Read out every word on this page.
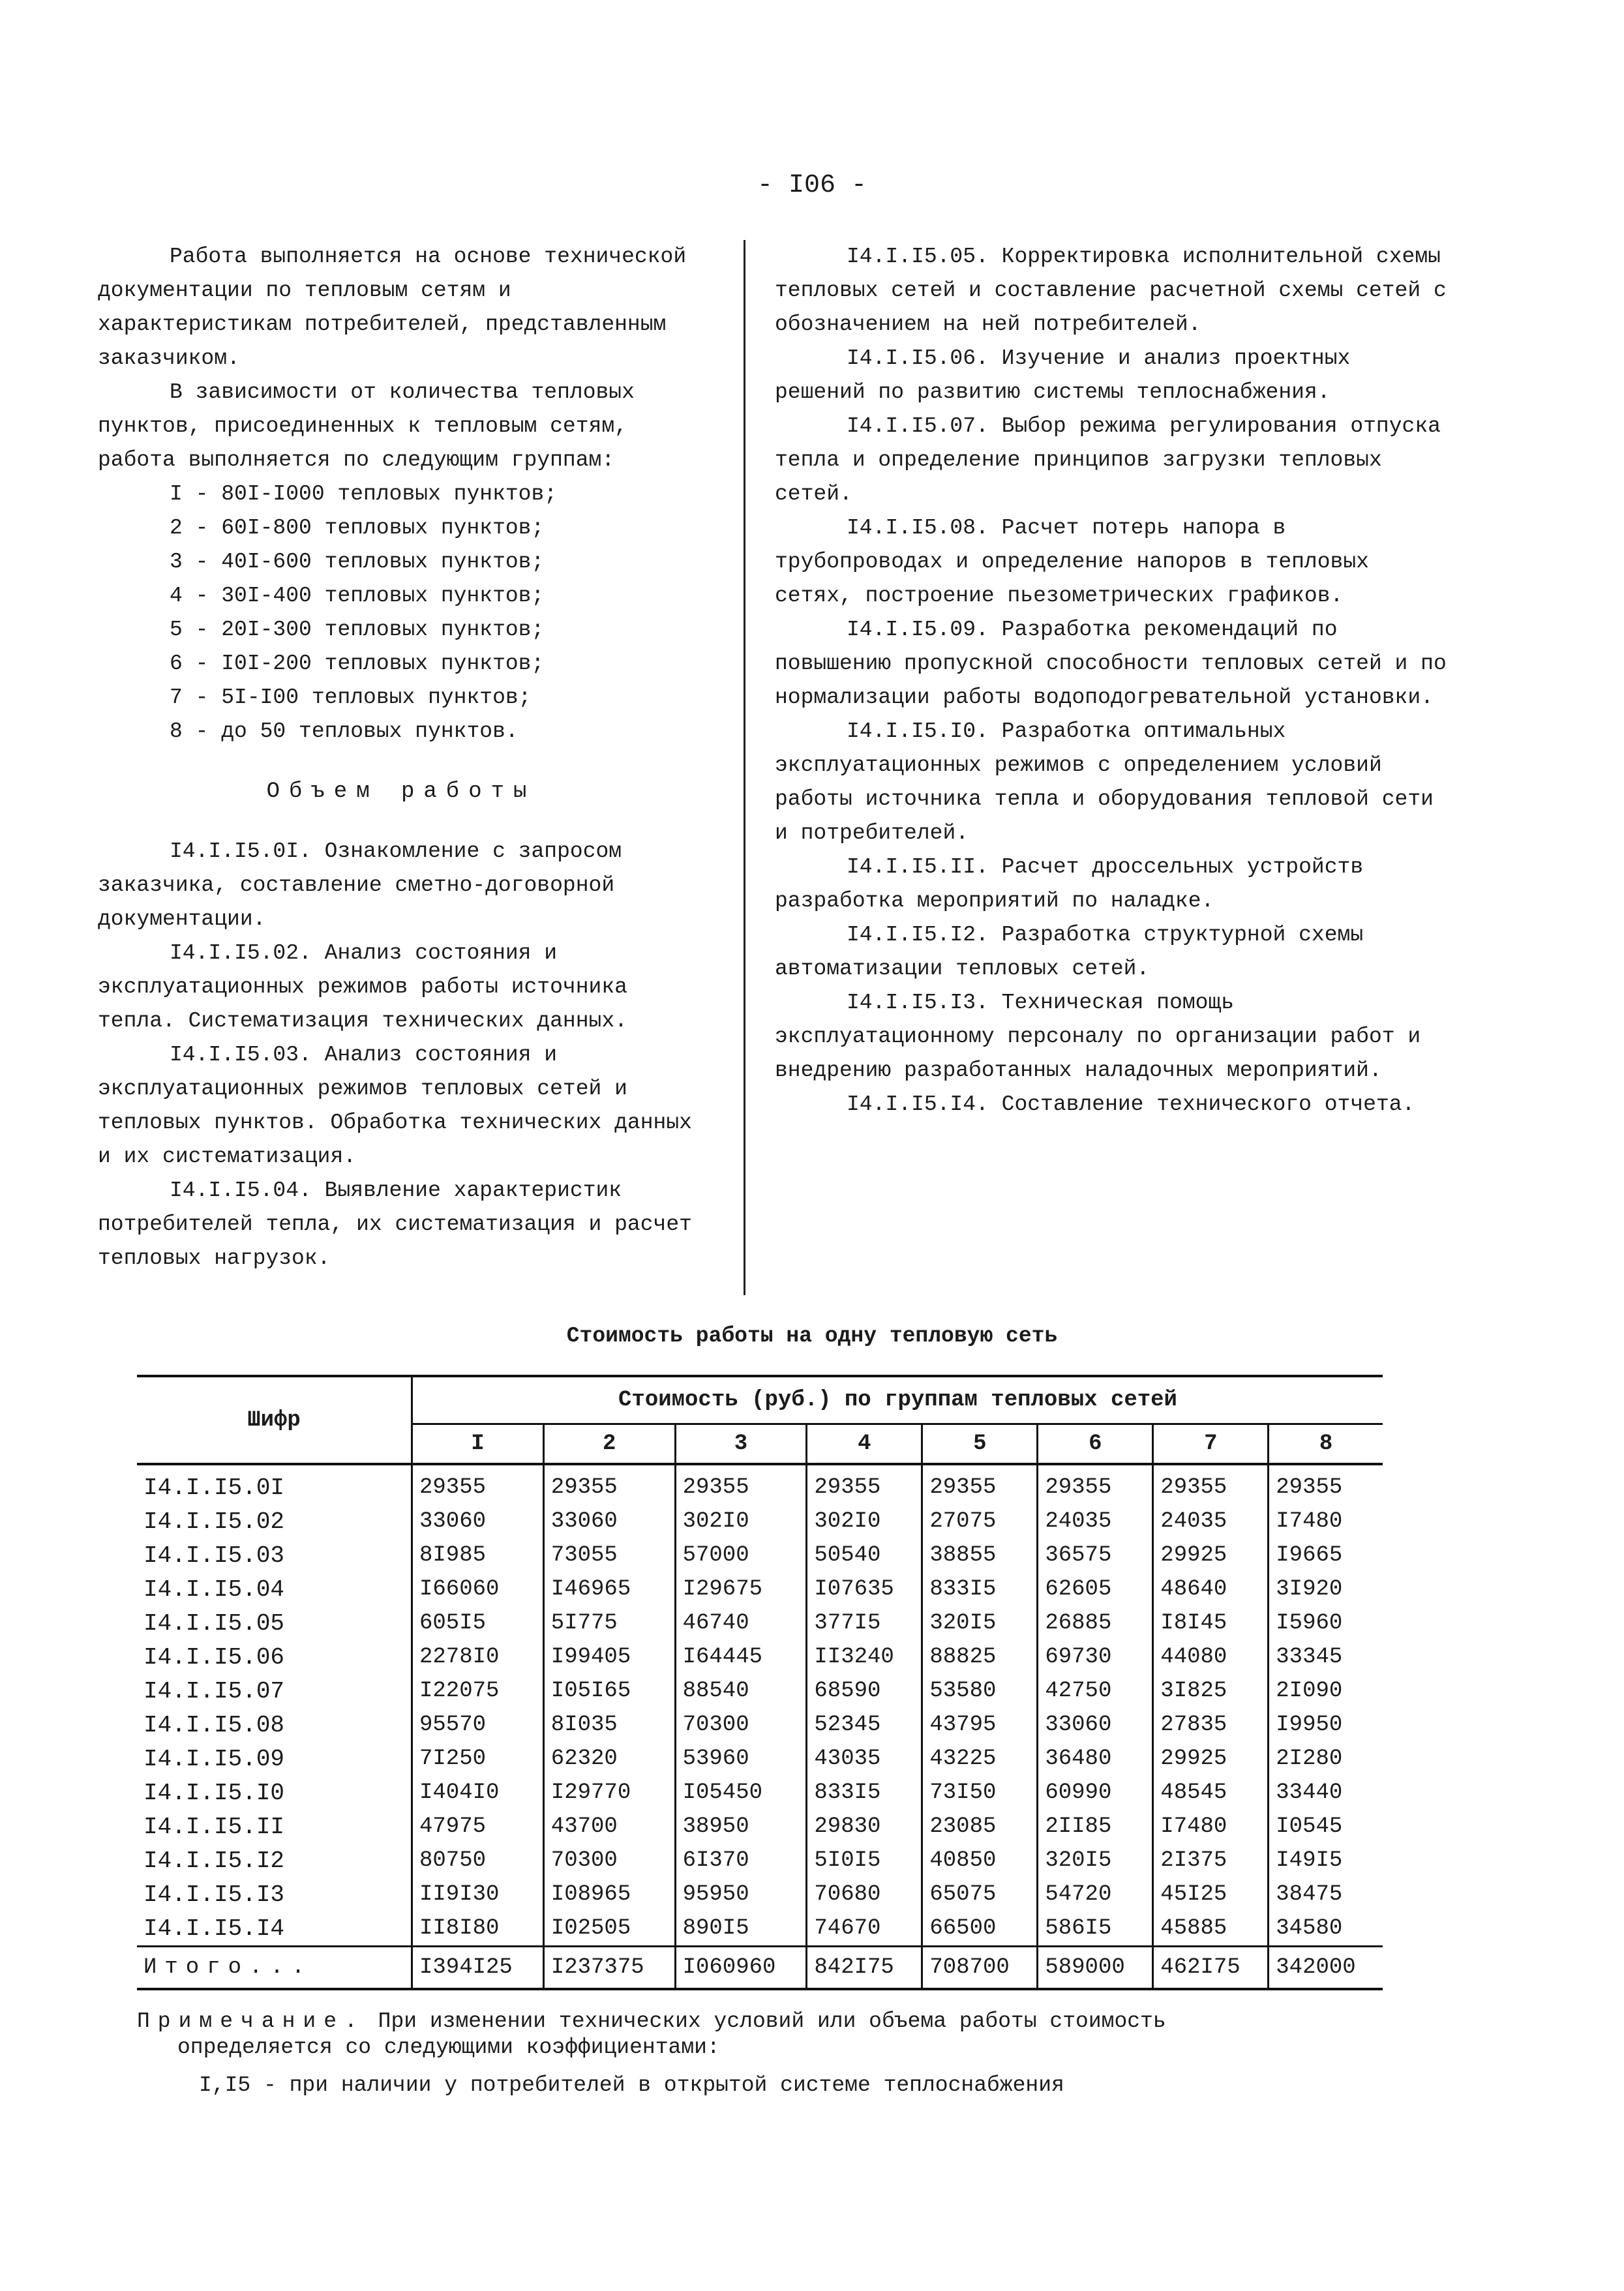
- I06 -

Работа выполняется на основе технической документации по тепловым сетям и характеристикам потребителей, представленным заказчиком.

В зависимости от количества тепловых пунктов, присоединенных к тепловым сетям, работа выполняется по следующим группам:

I - 80I-I000 тепловых пунктов;
2 - 60I-800 тепловых пунктов;
3 - 40I-600 тепловых пунктов;
4 - 30I-400 тепловых пунктов;
5 - 20I-300 тепловых пунктов;
6 - I0I-200 тепловых пунктов;
7 - 5I-I00 тепловых пунктов;
8 - до 50 тепловых пунктов.

Объем работы

I4.I.I5.0I. Ознакомление с запросом заказчика, составление сметно-договорной документации.

I4.I.I5.02. Анализ состояния и эксплуатационных режимов работы источника тепла. Систематизация технических данных.

I4.I.I5.03. Анализ состояния и эксплуатационных режимов тепловых сетей и тепловых пунктов. Обработка технических данных и их систематизация.

I4.I.I5.04. Выявление характеристик потребителей тепла, их систематизация и расчет тепловых нагрузок.

I4.I.I5.05. Корректировка исполнительной схемы тепловых сетей и составление расчетной схемы сетей с обозначением на ней потребителей.

I4.I.I5.06. Изучение и анализ проектных решений по развитию системы теплоснабжения.

I4.I.I5.07. Выбор режима регулирования отпуска тепла и определение принципов загрузки тепловых сетей.

I4.I.I5.08. Расчет потерь напора в трубопроводах и определение напоров в тепловых сетях, построение пьезометрических графиков.

I4.I.I5.09. Разработка рекомендаций по повышению пропускной способности тепловых сетей и по нормализации работы водоподогревательной установки.

I4.I.I5.I0. Разработка оптимальных эксплуатационных режимов с определением условий работы источника тепла и оборудования тепловой сети и потребителей.

I4.I.I5.II. Расчет дроссельных устройств разработка мероприятий по наладке.

I4.I.I5.I2. Разработка структурной схемы автоматизации тепловых сетей.

I4.I.I5.I3. Техническая помощь эксплуатационному персоналу по организации работ и внедрению разработанных наладочных мероприятий.

I4.I.I5.I4. Составление технического отчета.

Стоимость работы на одну тепловую сеть
Шифр	Стоимость (руб.) по группам тепловых сетей							
	I	2	3	4	5	6	7	8
I4.I.I5.0I	29355	29355	29355	29355	29355	29355	29355	29355
I4.I.I5.02	33060	33060	302I0	302I0	27075	24035	24035	I7480
I4.I.I5.03	8I985	73055	57000	50540	38855	36575	29925	I9665
I4.I.I5.04	I66060	I46965	I29675	I07635	833I5	62605	48640	3I920
I4.I.I5.05	605I5	5I775	46740	377I5	320I5	26885	I8I45	I5960
I4.I.I5.06	2278I0	I99405	I64445	II3240	88825	69730	44080	33345
I4.I.I5.07	I22075	I05I65	88540	68590	53580	42750	3I825	2I090
I4.I.I5.08	95570	8I035	70300	52345	43795	33060	27835	I9950
I4.I.I5.09	7I250	62320	53960	43035	43225	36480	29925	2I280
I4.I.I5.I0	I404I0	I29770	I05450	833I5	73I50	60990	48545	33440
I4.I.I5.II	47975	43700	38950	29830	23085	2II85	I7480	I0545
I4.I.I5.I2	80750	70300	6I370	5I0I5	40850	320I5	2I375	I49I5
I4.I.I5.I3	II9I30	I08965	95950	70680	65075	54720	45I25	38475
I4.I.I5.I4	II8I80	I02505	890I5	74670	66500	586I5	45885	34580
Итого...	I394I25	I237375	I060960	842I75	708700	589000	462I75	342000
Примечание. При изменении технических условий или объема работы стоимость
определяется со следующими коэффициентами:
I,I5 - при наличии у потребителей в открытой системе теплоснабжения
